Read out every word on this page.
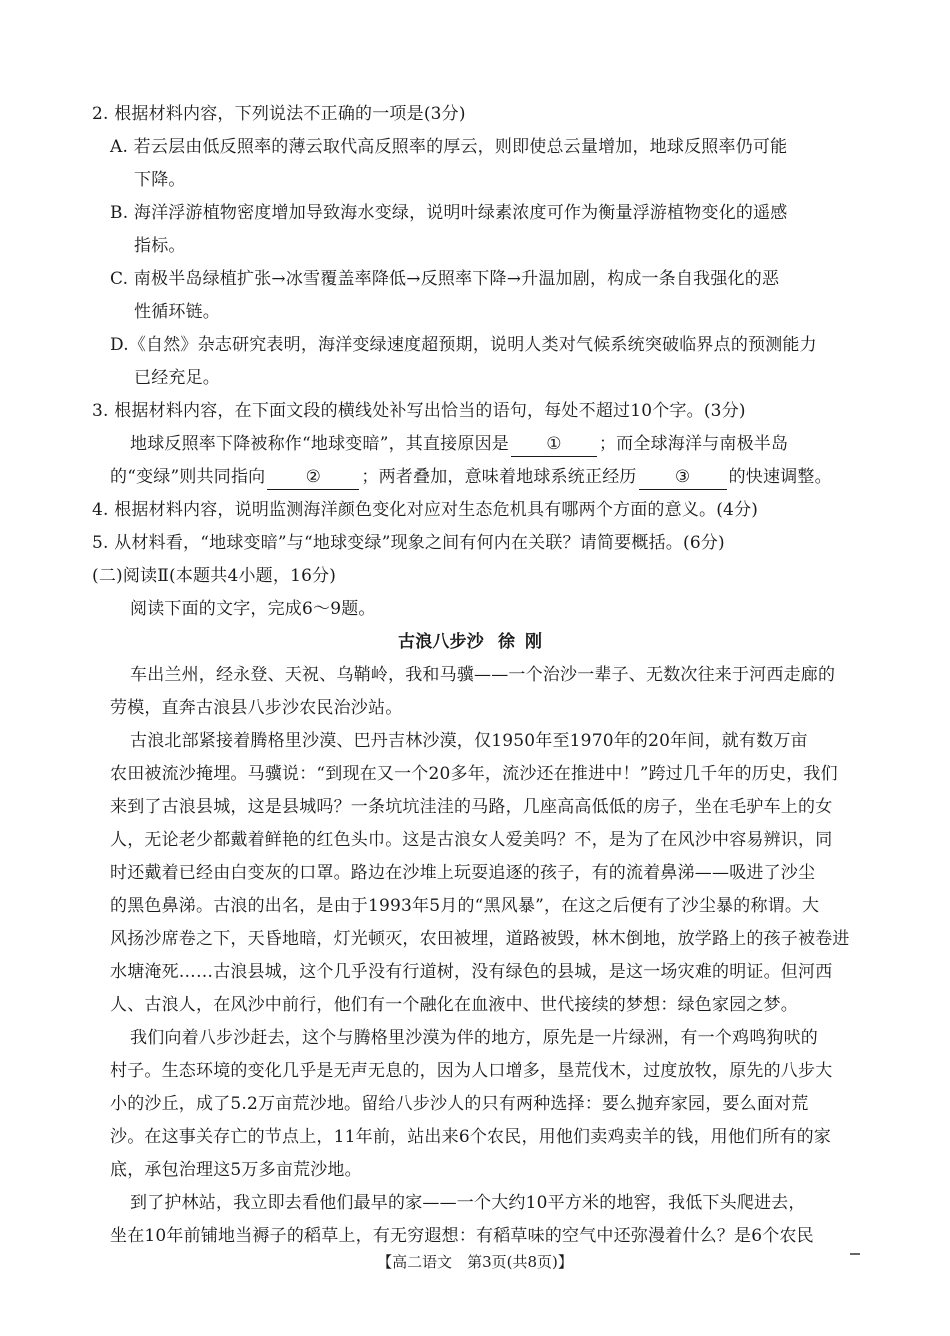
2. 根据材料内容，下列说法不正确的一项是(3分)
A. 若云层由低反照率的薄云取代高反照率的厚云，则即使总云量增加，地球反照率仍可能
下降。
B. 海洋浮游植物密度增加导致海水变绿，说明叶绿素浓度可作为衡量浮游植物变化的遥感
指标。
C. 南极半岛绿植扩张→冰雪覆盖率降低→反照率下降→升温加剧，构成一条自我强化的恶
性循环链。
D.《自然》杂志研究表明，海洋变绿速度超预期，说明人类对气候系统突破临界点的预测能力
已经充足。
3. 根据材料内容，在下面文段的横线处补写出恰当的语句，每处不超过10个字。(3分)
地球反照率下降被称作“地球变暗”，其直接原因是 ① ；而全球海洋与南极半岛
的“变绿”则共同指向 ② ；两者叠加，意味着地球系统正经历 ③ 的快速调整。
4. 根据材料内容，说明监测海洋颜色变化对应对生态危机具有哪两个方面的意义。(4分)
5. 从材料看，“地球变暗”与“地球变绿”现象之间有何内在关联？请简要概括。(6分)
(二)阅读Ⅱ(本题共4小题，16分)
阅读下面的文字，完成6～9题。
古浪八步沙 徐刚
车出兰州，经永登、天祝、乌鞘岭，我和马骥——一个治沙一辈子、无数次往来于河西走廊的
劳模，直奔古浪县八步沙农民治沙站。
古浪北部紧接着腾格里沙漠、巴丹吉林沙漠，仅1950年至1970年的20年间，就有数万亩
农田被流沙掩埋。马骥说：“到现在又一个20多年，流沙还在推进中！”跨过几千年的历史，我们
来到了古浪县城，这是县城吗？一条坑坑洼洼的马路，几座高高低低的房子，坐在毛驴车上的女
人，无论老少都戴着鲜艳的红色头巾。这是古浪女人爱美吗？不，是为了在风沙中容易辨识，同
时还戴着已经由白变灰的口罩。路边在沙堆上玩耍追逐的孩子，有的流着鼻涕——吸进了沙尘
的黑色鼻涕。古浪的出名，是由于1993年5月的“黑风暴”，在这之后便有了沙尘暴的称谓。大
风扬沙席卷之下，天昏地暗，灯光顿灭，农田被埋，道路被毁，林木倒地，放学路上的孩子被卷进
水塘淹死……古浪县城，这个几乎没有行道树，没有绿色的县城，是这一场灾难的明证。但河西
人、古浪人，在风沙中前行，他们有一个融化在血液中、世代接续的梦想：绿色家园之梦。
我们向着八步沙赶去，这个与腾格里沙漠为伴的地方，原先是一片绿洲，有一个鸡鸣狗吠的
村子。生态环境的变化几乎是无声无息的，因为人口增多，垦荒伐木，过度放牧，原先的八步大
小的沙丘，成了5.2万亩荒沙地。留给八步沙人的只有两种选择：要么抛弃家园，要么面对荒
沙。在这事关存亡的节点上，11年前，站出来6个农民，用他们卖鸡卖羊的钱，用他们所有的家
底，承包治理这5万多亩荒沙地。
到了护林站，我立即去看他们最早的家——一个大约10平方米的地窖，我低下头爬进去，
坐在10年前铺地当褥子的稻草上，有无穷遐想：有稻草味的空气中还弥漫着什么？是6个农民
【高二语文　第3页(共8页)】
